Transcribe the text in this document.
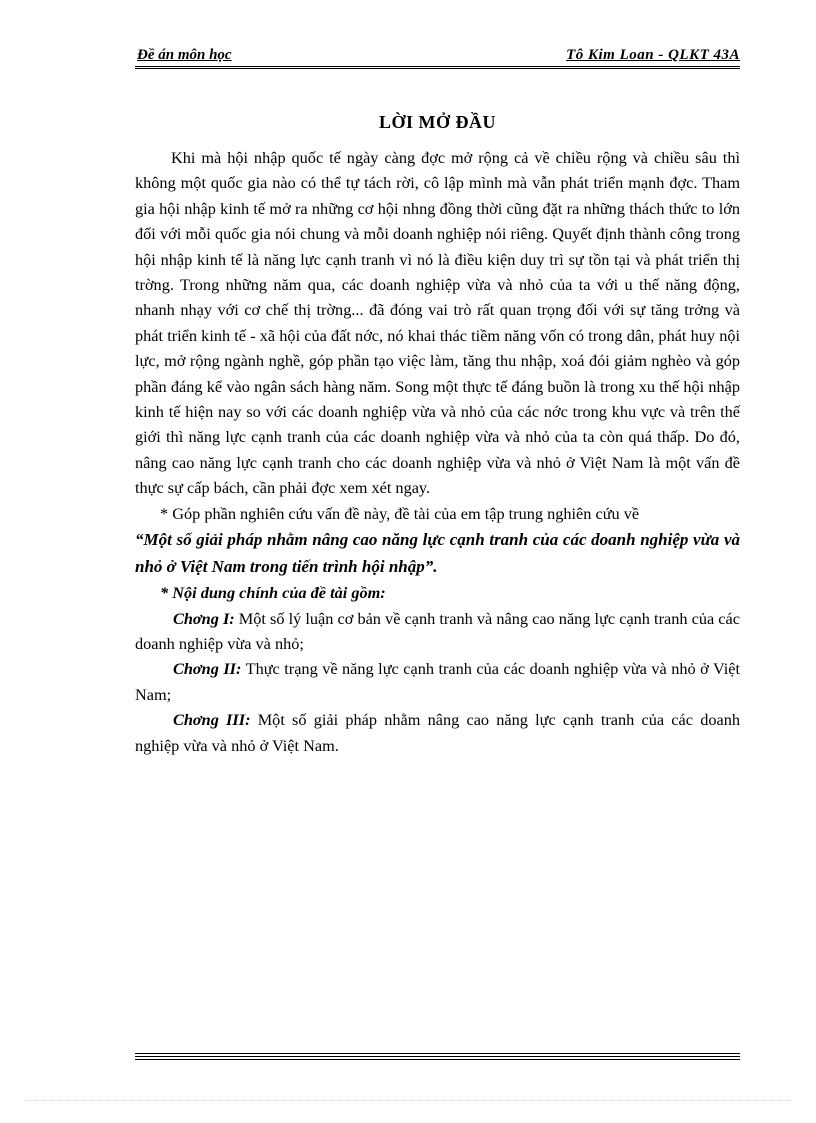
Đề án môn học	Tô Kim Loan - QLKT 43A
LỜI MỞ ĐẦU

Khi mà hội nhập quốc tế ngày càng đợc mở rộng cả về chiều rộng và chiều sâu thì không một quốc gia nào có thể tự tách rời, cô lập mình mà vẫn phát triển mạnh đợc. Tham gia hội nhập kinh tế mở ra những cơ hội nhng đồng thời cũng đặt ra những thách thức to lớn đối với mỗi quốc gia nói chung và mỗi doanh nghiệp nói riêng. Quyết định thành công trong hội nhập kinh tế là năng lực cạnh tranh vì nó là điều kiện duy trì sự tồn tại và phát triển thị trờng. Trong những năm qua, các doanh nghiệp vừa và nhỏ của ta với u thế năng động, nhanh nhạy với cơ chế thị trờng... đã đóng vai trò rất quan trọng đối với sự tăng trởng và phát triển kinh tế - xã hội của đất nớc, nó khai thác tiềm năng vốn có trong dân, phát huy nội lực, mở rộng ngành nghề, góp phần tạo việc làm, tăng thu nhập, xoá đói giảm nghèo và góp phần đáng kể vào ngân sách hàng năm. Song một thực tế đáng buồn là trong xu thế hội nhập kinh tế hiện nay so với các doanh nghiệp vừa và nhỏ của các nớc trong khu vực và trên thế giới thì năng lực cạnh tranh của các doanh nghiệp vừa và nhỏ của ta còn quá thấp. Do đó, nâng cao năng lực cạnh tranh cho các doanh nghiệp vừa và nhỏ ở Việt Nam là một vấn đề thực sự cấp bách, cần phải đợc xem xét ngay.

* Góp phần nghiên cứu vấn đề này, đề tài của em tập trung nghiên cứu về

“Một số giải pháp nhằm nâng cao năng lực cạnh tranh của các doanh nghiệp vừa và nhỏ ở Việt Nam trong tiến trình hội nhập”.

* Nội dung chính của đề tài gồm:

Chơng I: Một số lý luận cơ bản về cạnh tranh và nâng cao năng lực cạnh tranh của các doanh nghiệp vừa và nhỏ;

Chơng II: Thực trạng về năng lực cạnh tranh của các doanh nghiệp vừa và nhỏ ở Việt Nam;

Chơng III: Một số giải pháp nhằm nâng cao năng lực cạnh tranh của các doanh nghiệp vừa và nhỏ ở Việt Nam.
